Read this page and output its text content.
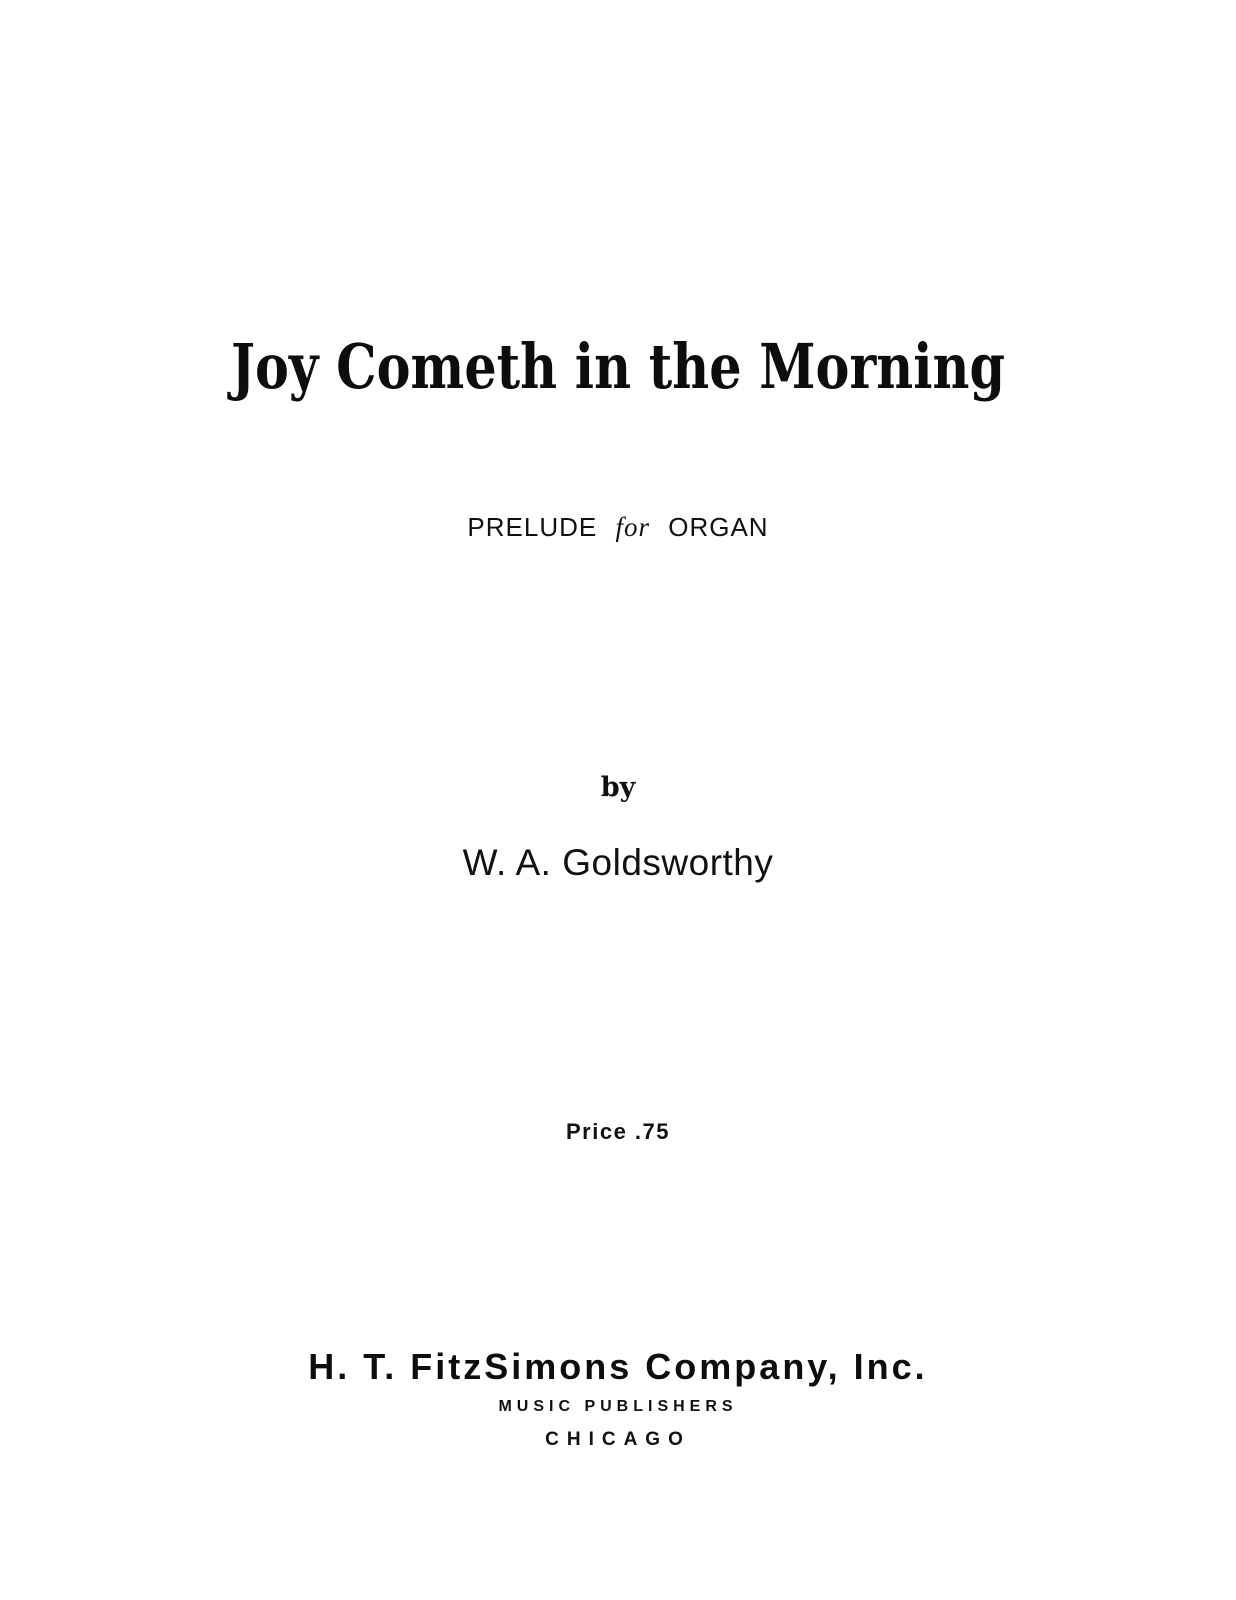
Joy Cometh in the Morning
PRELUDE for ORGAN
by
W. A. Goldsworthy
Price .75
H. T. FitzSimons Company, Inc.
MUSIC PUBLISHERS
CHICAGO
